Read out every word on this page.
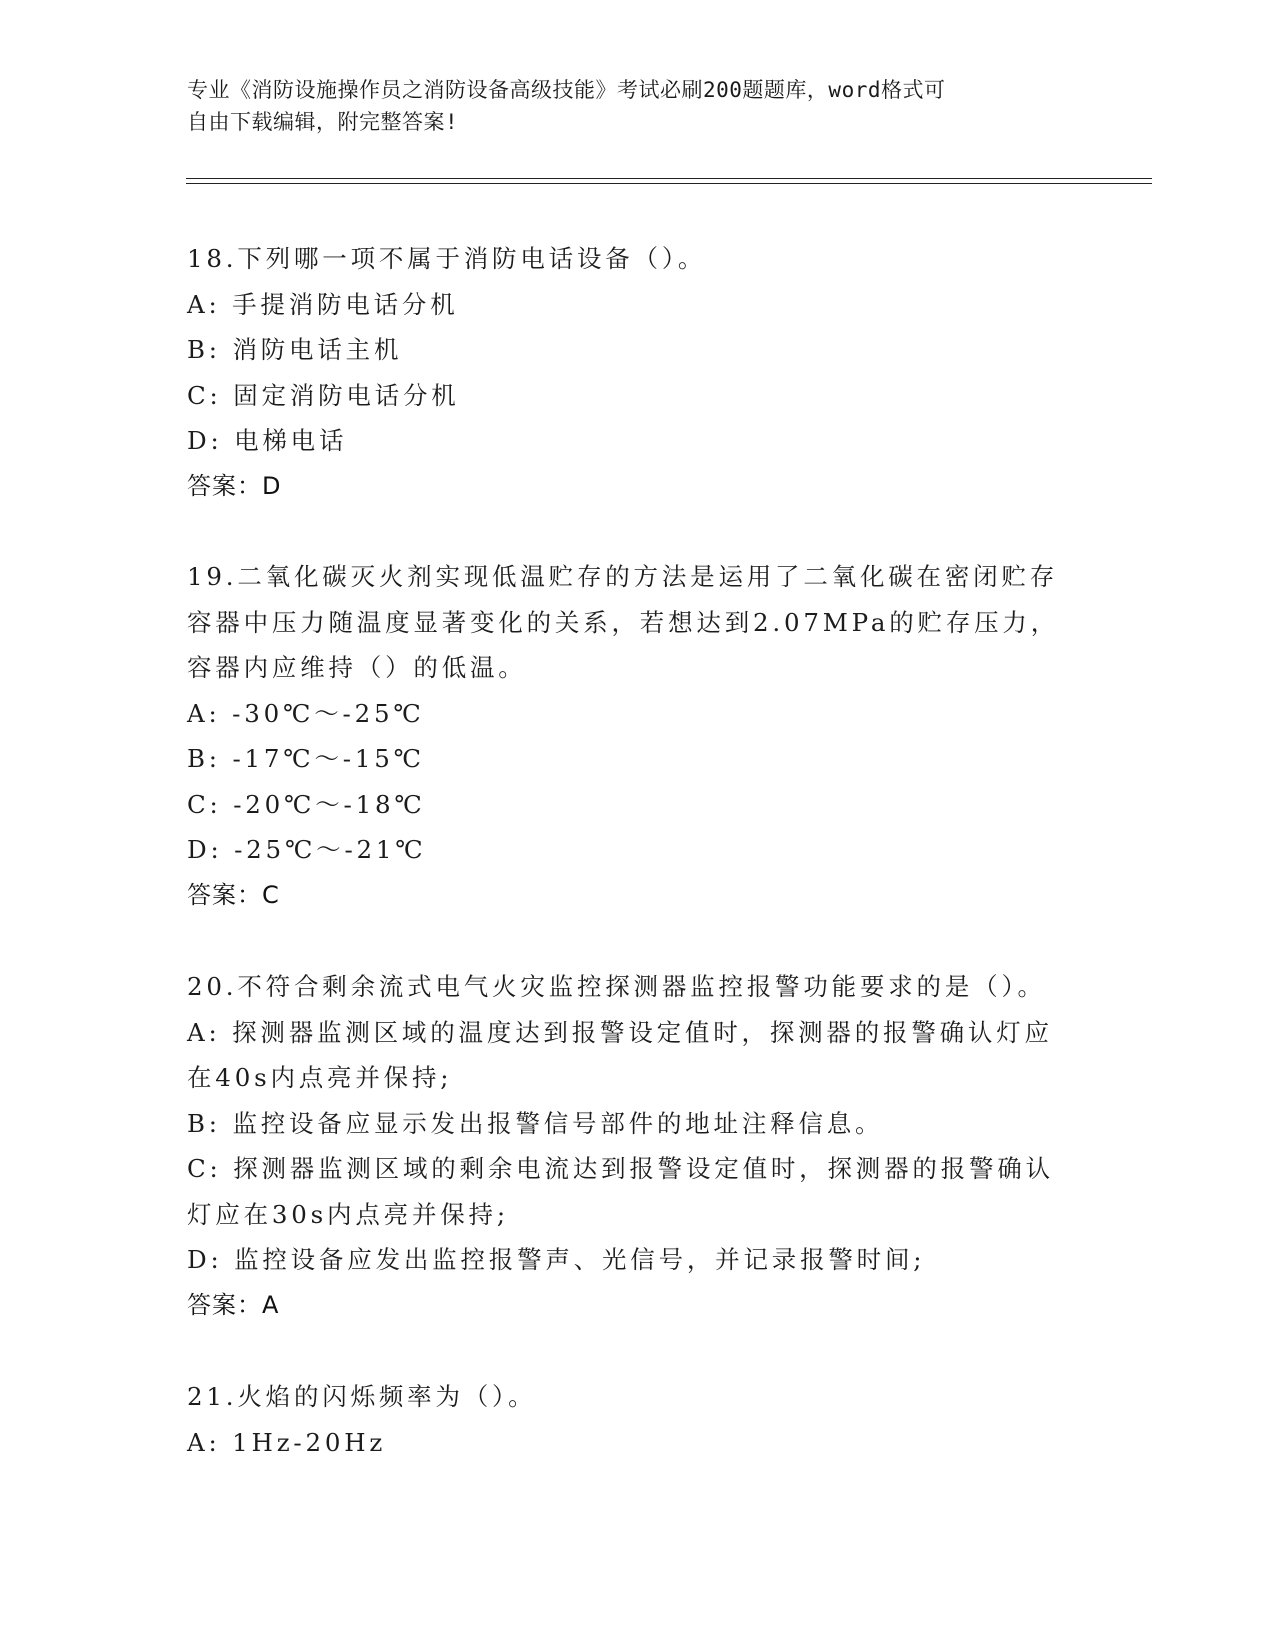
专业《消防设施操作员之消防设备高级技能》考试必刷200题题库，word格式可
自由下载编辑，附完整答案!
18.下列哪一项不属于消防电话设备（）。
A: 手提消防电话分机
B: 消防电话主机
C: 固定消防电话分机
D: 电梯电话
答案：D
19.二氧化碳灭火剂实现低温贮存的方法是运用了二氧化碳在密闭贮存
容器中压力随温度显著变化的关系，若想达到2.07MPa的贮存压力，
容器内应维持（）的低温。
A: -30℃～-25℃
B: -17℃～-15℃
C: -20℃～-18℃
D: -25℃～-21℃
答案：C
20.不符合剩余流式电气火灾监控探测器监控报警功能要求的是（）。
A: 探测器监测区域的温度达到报警设定值时，探测器的报警确认灯应
在40s内点亮并保持;
B: 监控设备应显示发出报警信号部件的地址注释信息。
C: 探测器监测区域的剩余电流达到报警设定值时，探测器的报警确认
灯应在30s内点亮并保持;
D: 监控设备应发出监控报警声、光信号，并记录报警时间;
答案：A
21.火焰的闪烁频率为（）。
A: 1Hz-20Hz
